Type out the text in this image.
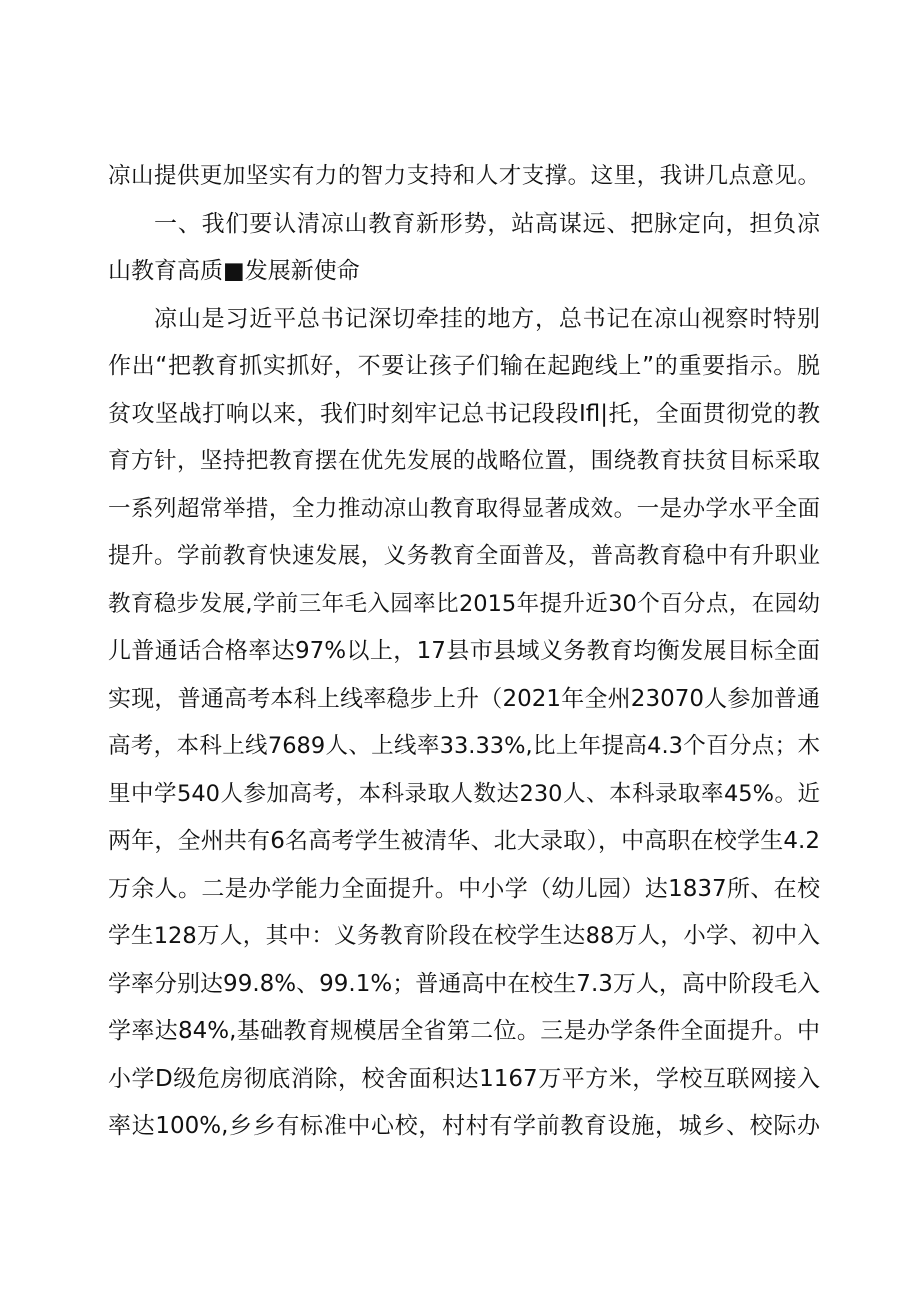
凉山提供更加坚实有力的智力支持和人才支撑。这里，我讲几点意见。
一、我们要认清凉山教育新形势，站高谋远、把脉定向，担负凉
山教育高质■发展新使命
凉山是习近平总书记深切牵挂的地方，总书记在凉山视察时特别
作出“把教育抓实抓好，不要让孩子们输在起跑线上”的重要指示。脱
贫攻坚战打响以来，我们时刻牢记总书记段段Ifl|托，全面贯彻党的教
育方针，坚持把教育摆在优先发展的战略位置，围绕教育扶贫目标采取
一系列超常举措，全力推动凉山教育取得显著成效。一是办学水平全面
提升。学前教育快速发展，义务教育全面普及，普高教育稳中有升职业
教育稳步发展,学前三年毛入园率比2015年提升近30个百分点，在园幼
儿普通话合格率达97%以上，17县市县域义务教育均衡发展目标全面
实现，普通高考本科上线率稳步上升（2021年全州23070人参加普通
高考，本科上线7689人、上线率33.33%,比上年提高4.3个百分点；木
里中学540人参加高考，本科录取人数达230人、本科录取率45%。近
两年，全州共有6名高考学生被清华、北大录取），中高职在校学生4.2
万余人。二是办学能力全面提升。中小学（幼儿园）达1837所、在校
学生128万人，其中：义务教育阶段在校学生达88万人，小学、初中入
学率分别达99.8%、99.1%；普通高中在校生7.3万人，高中阶段毛入
学率达84%,基础教育规模居全省第二位。三是办学条件全面提升。中
小学D级危房彻底消除，校舍面积达1167万平方米，学校互联网接入
率达100%,乡乡有标准中心校，村村有学前教育设施，城乡、校际办
